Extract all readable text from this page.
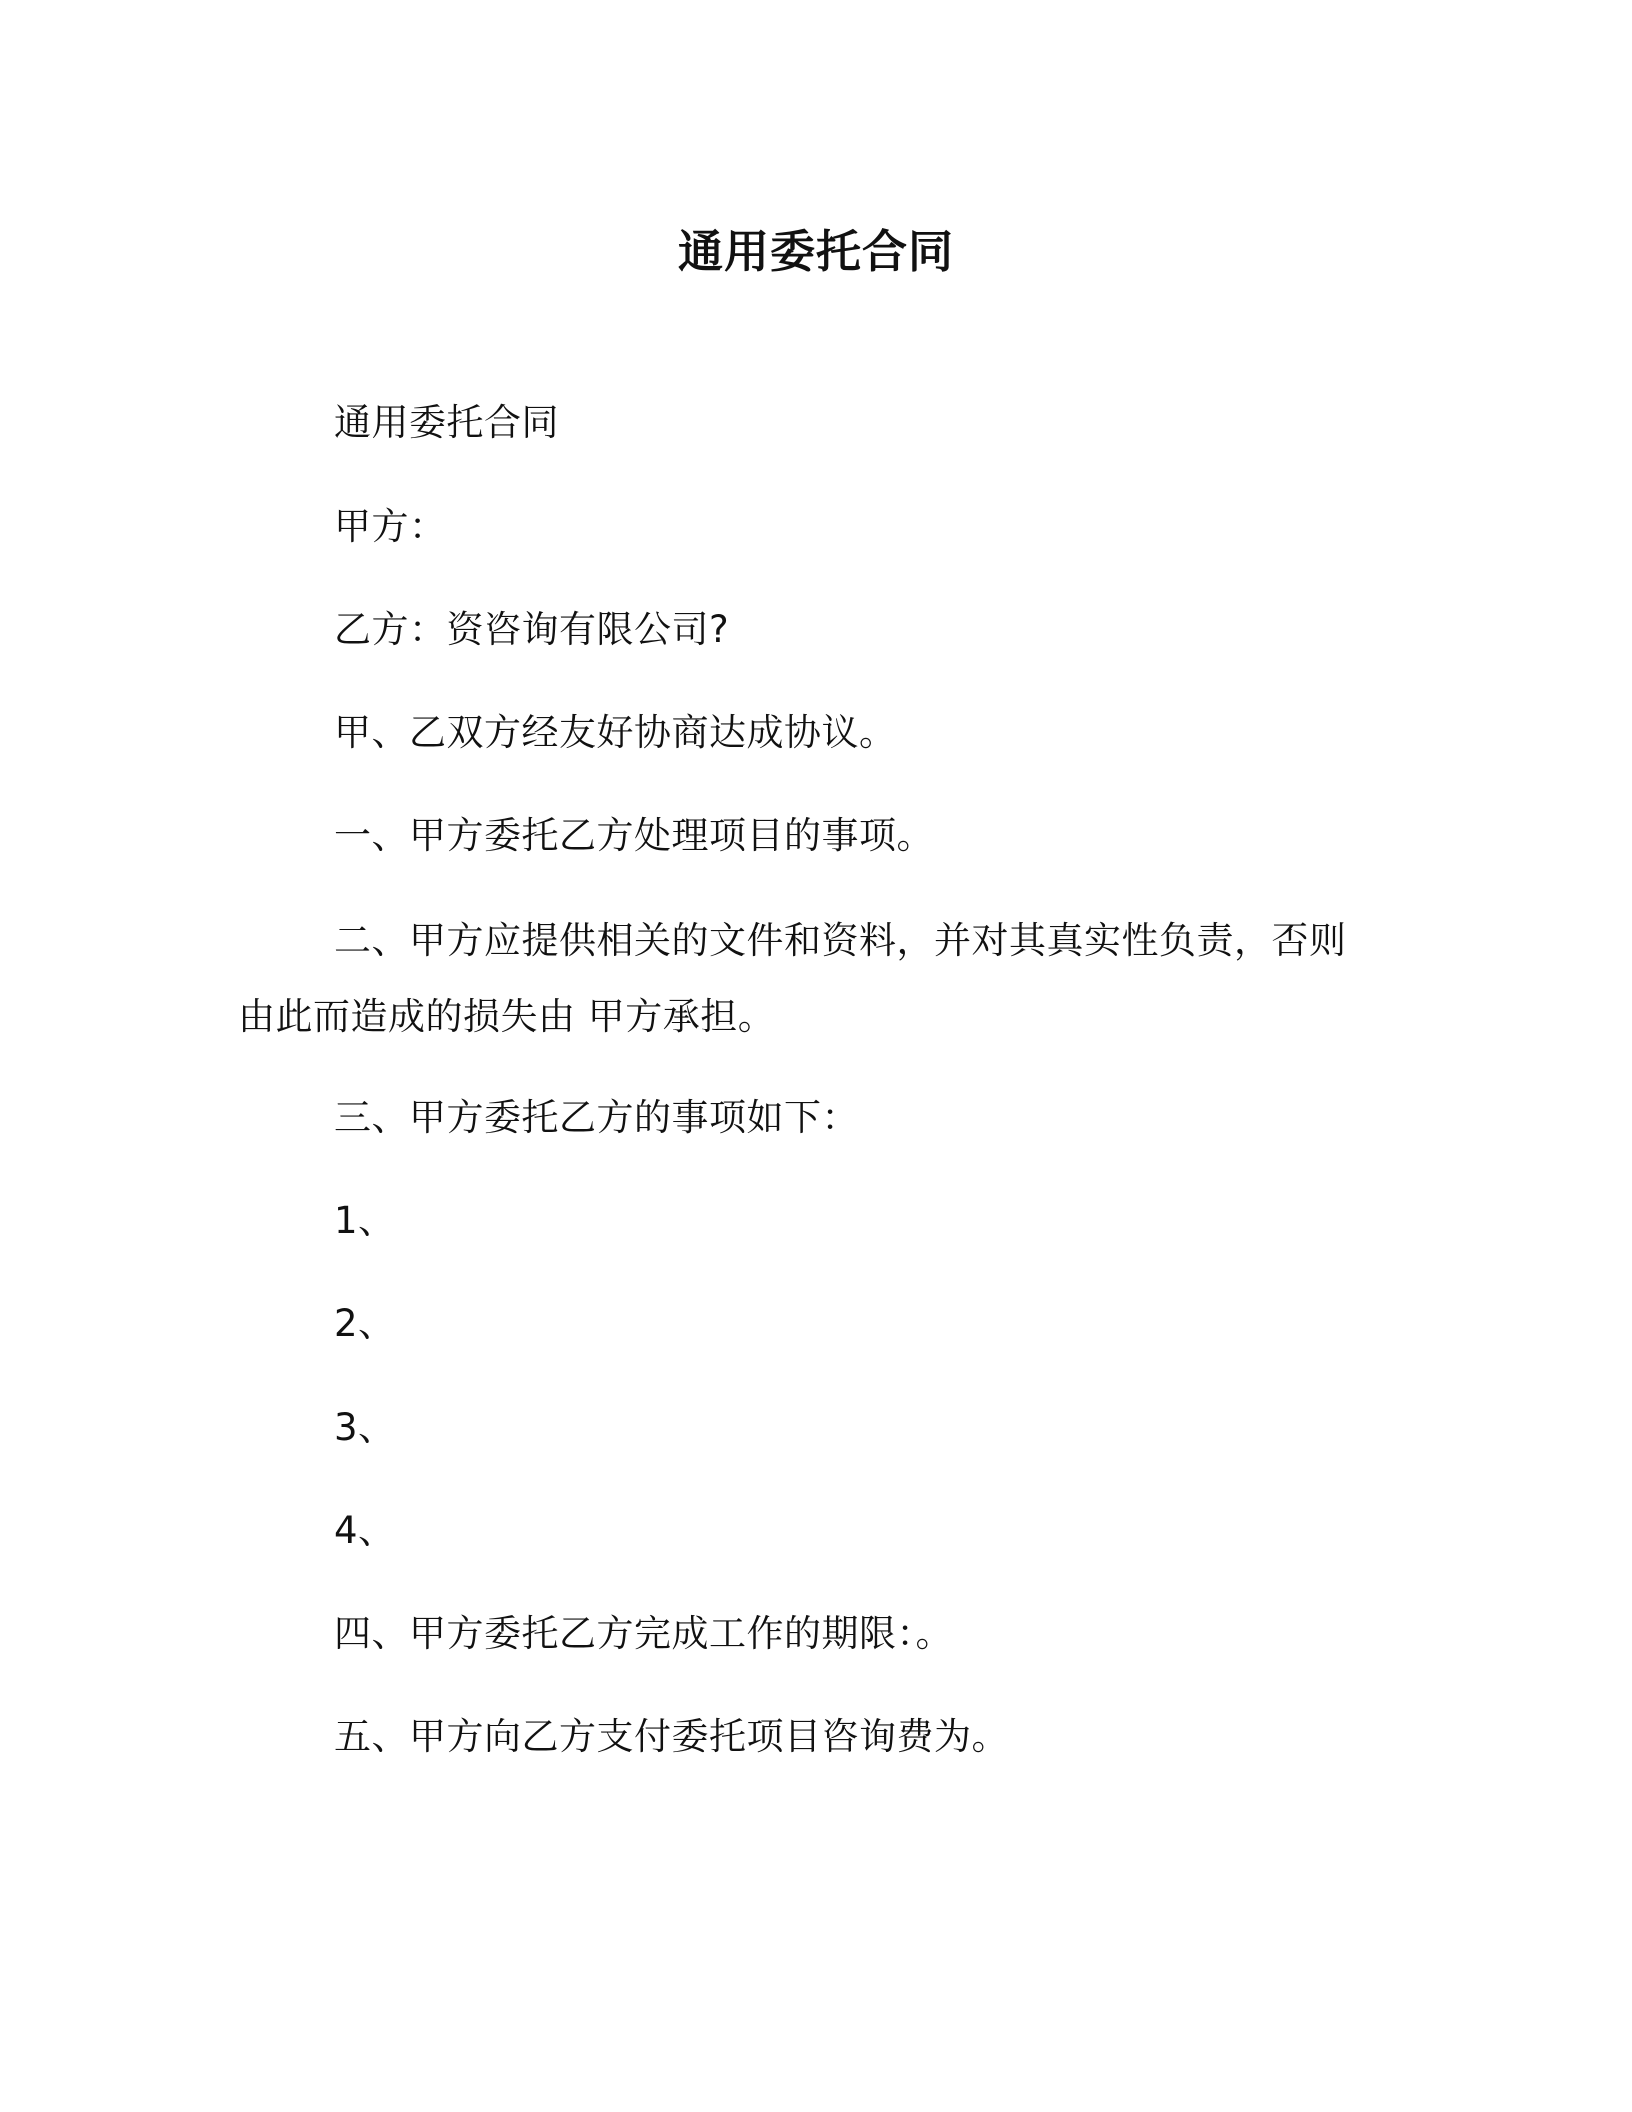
通用委托合同
通用委托合同
甲方：
乙方：资咨询有限公司?
甲、乙双方经友好协商达成协议。
一、甲方委托乙方处理项目的事项。
二、甲方应提供相关的文件和资料，并对其真实性负责，否则由此而造成的损失由 甲方承担。
三、甲方委托乙方的事项如下：
1、
2、
3、
4、
四、甲方委托乙方完成工作的期限：。
五、甲方向乙方支付委托项目咨询费为。
